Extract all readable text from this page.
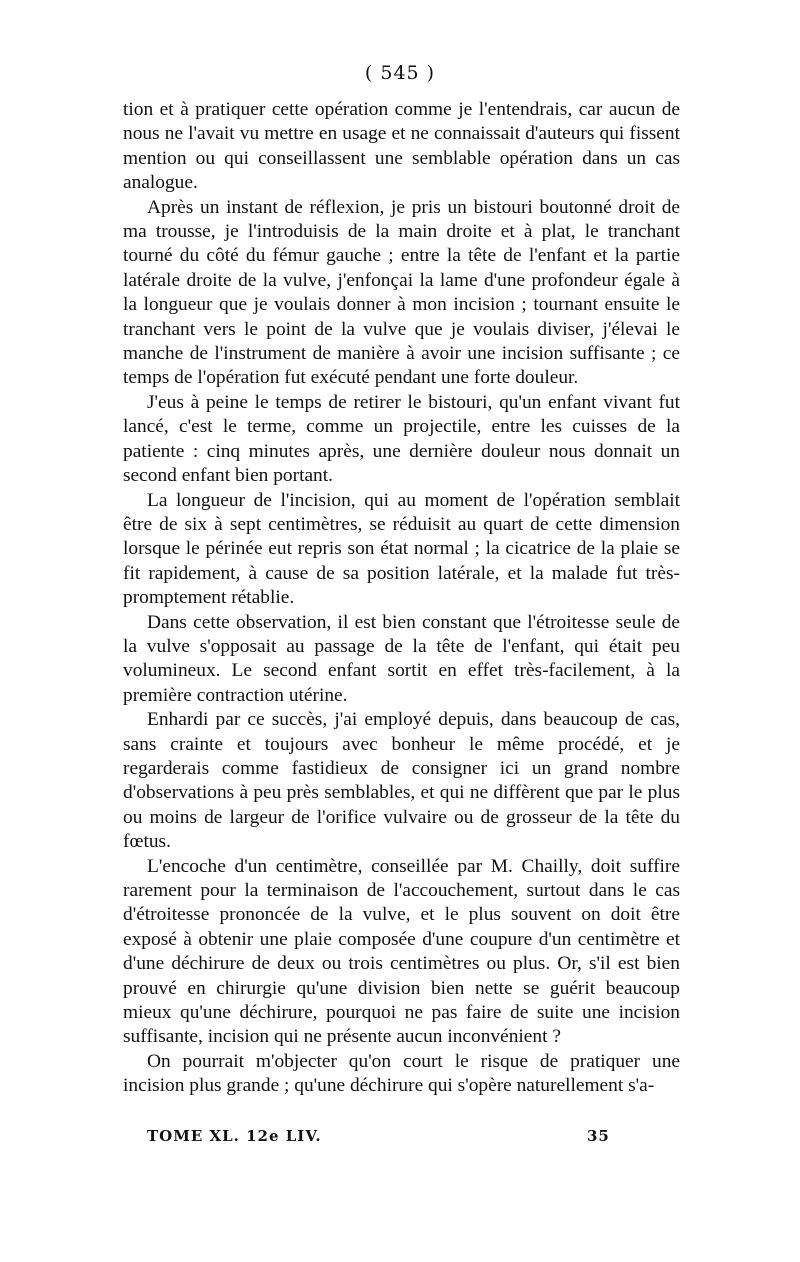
( 545 )

tion et à pratiquer cette opération comme je l'entendrais, car aucun de nous ne l'avait vu mettre en usage et ne connaissait d'auteurs qui fissent mention ou qui conseillassent une semblable opération dans un cas analogue.

Après un instant de réflexion, je pris un bistouri boutonné droit de ma trousse, je l'introduisis de la main droite et à plat, le tranchant tourné du côté du fémur gauche ; entre la tête de l'enfant et la partie latérale droite de la vulve, j'enfonçai la lame d'une profondeur égale à la longueur que je voulais donner à mon incision ; tournant ensuite le tranchant vers le point de la vulve que je voulais diviser, j'élevai le manche de l'instrument de manière à avoir une incision suffisante ; ce temps de l'opération fut exécuté pendant une forte douleur.

J'eus à peine le temps de retirer le bistouri, qu'un enfant vivant fut lancé, c'est le terme, comme un projectile, entre les cuisses de la patiente : cinq minutes après, une dernière douleur nous donnait un second enfant bien portant.

La longueur de l'incision, qui au moment de l'opération semblait être de six à sept centimètres, se réduisit au quart de cette dimension lorsque le périnée eut repris son état normal ; la cicatrice de la plaie se fit rapidement, à cause de sa position latérale, et la malade fut très-promptement rétablie.

Dans cette observation, il est bien constant que l'étroitesse seule de la vulve s'opposait au passage de la tête de l'enfant, qui était peu volumineux. Le second enfant sortit en effet très-facilement, à la première contraction utérine.

Enhardi par ce succès, j'ai employé depuis, dans beaucoup de cas, sans crainte et toujours avec bonheur le même procédé, et je regarderais comme fastidieux de consigner ici un grand nombre d'observations à peu près semblables, et qui ne diffèrent que par le plus ou moins de largeur de l'orifice vulvaire ou de grosseur de la tête du fœtus.

L'encoche d'un centimètre, conseillée par M. Chailly, doit suffire rarement pour la terminaison de l'accouchement, surtout dans le cas d'étroitesse prononcée de la vulve, et le plus souvent on doit être exposé à obtenir une plaie composée d'une coupure d'un centimètre et d'une déchirure de deux ou trois centimètres ou plus. Or, s'il est bien prouvé en chirurgie qu'une division bien nette se guérit beaucoup mieux qu'une déchirure, pourquoi ne pas faire de suite une incision suffisante, incision qui ne présente aucun inconvénient ?

On pourrait m'objecter qu'on court le risque de pratiquer une incision plus grande ; qu'une déchirure qui s'opère naturellement s'a-

TOME XL. 12e LIV.	35
